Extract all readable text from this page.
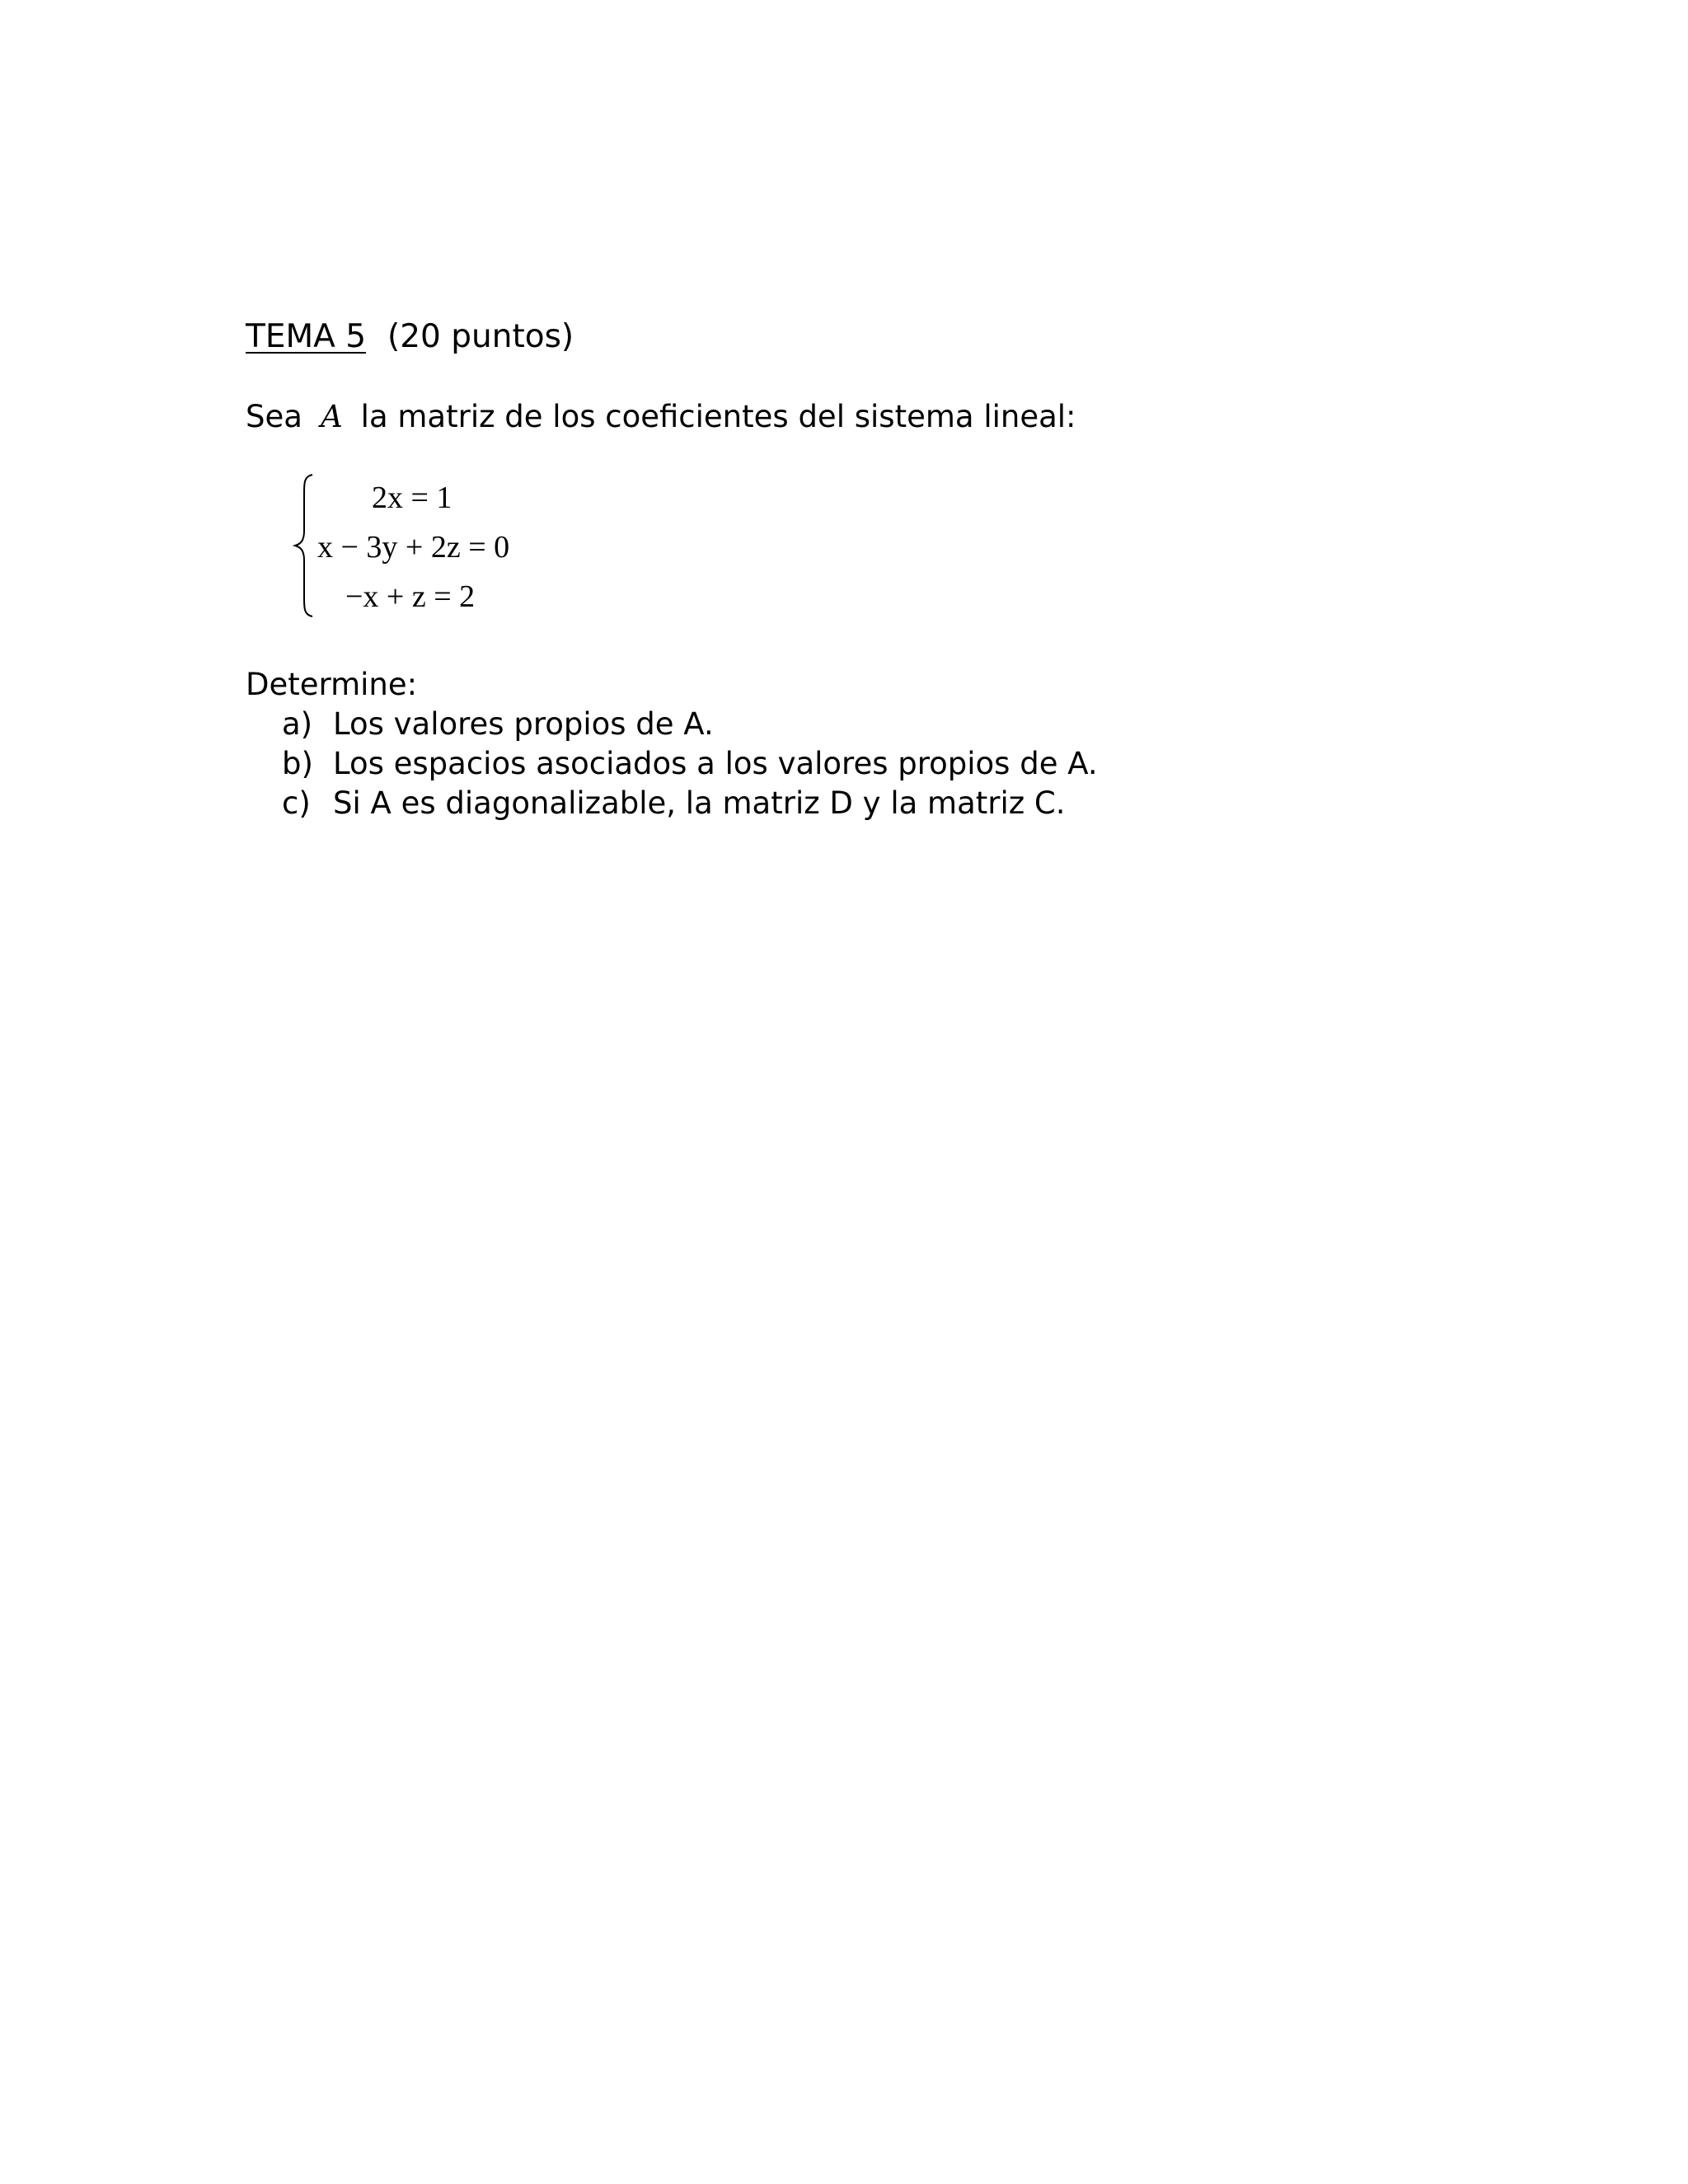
TEMA 5 (20 puntos)
Sea A la matriz de los coeficientes del sistema lineal:
2x = 1
x − 3y + 2z = 0
−x + z = 2
Determine:
a) Los valores propios de A.
b) Los espacios asociados a los valores propios de A.
c) Si A es diagonalizable, la matriz D y la matriz C.
